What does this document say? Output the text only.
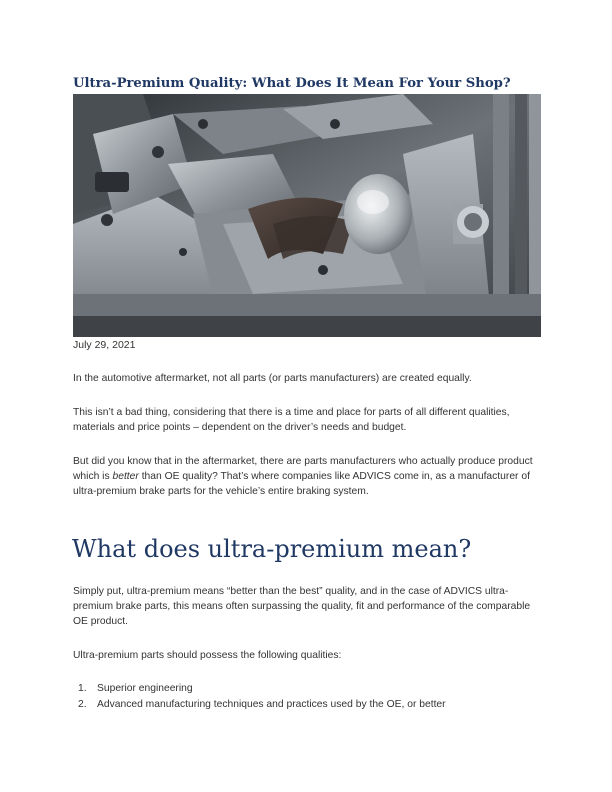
Ultra-Premium Quality: What Does It Mean For Your Shop?
July 29, 2021
In the automotive aftermarket, not all parts (or parts manufacturers) are created equally.
This isn’t a bad thing, considering that there is a time and place for parts of all different qualities, materials and price points – dependent on the driver’s needs and budget.
But did you know that in the aftermarket, there are parts manufacturers who actually produce product which is better than OE quality? That’s where companies like ADVICS come in, as a manufacturer of ultra-premium brake parts for the vehicle’s entire braking system.
What does ultra-premium mean?
Simply put, ultra-premium means “better than the best” quality, and in the case of ADVICS ultra-premium brake parts, this means often surpassing the quality, fit and performance of the comparable OE product.
Ultra-premium parts should possess the following qualities:
1. Superior engineering
2. Advanced manufacturing techniques and practices used by the OE, or better
